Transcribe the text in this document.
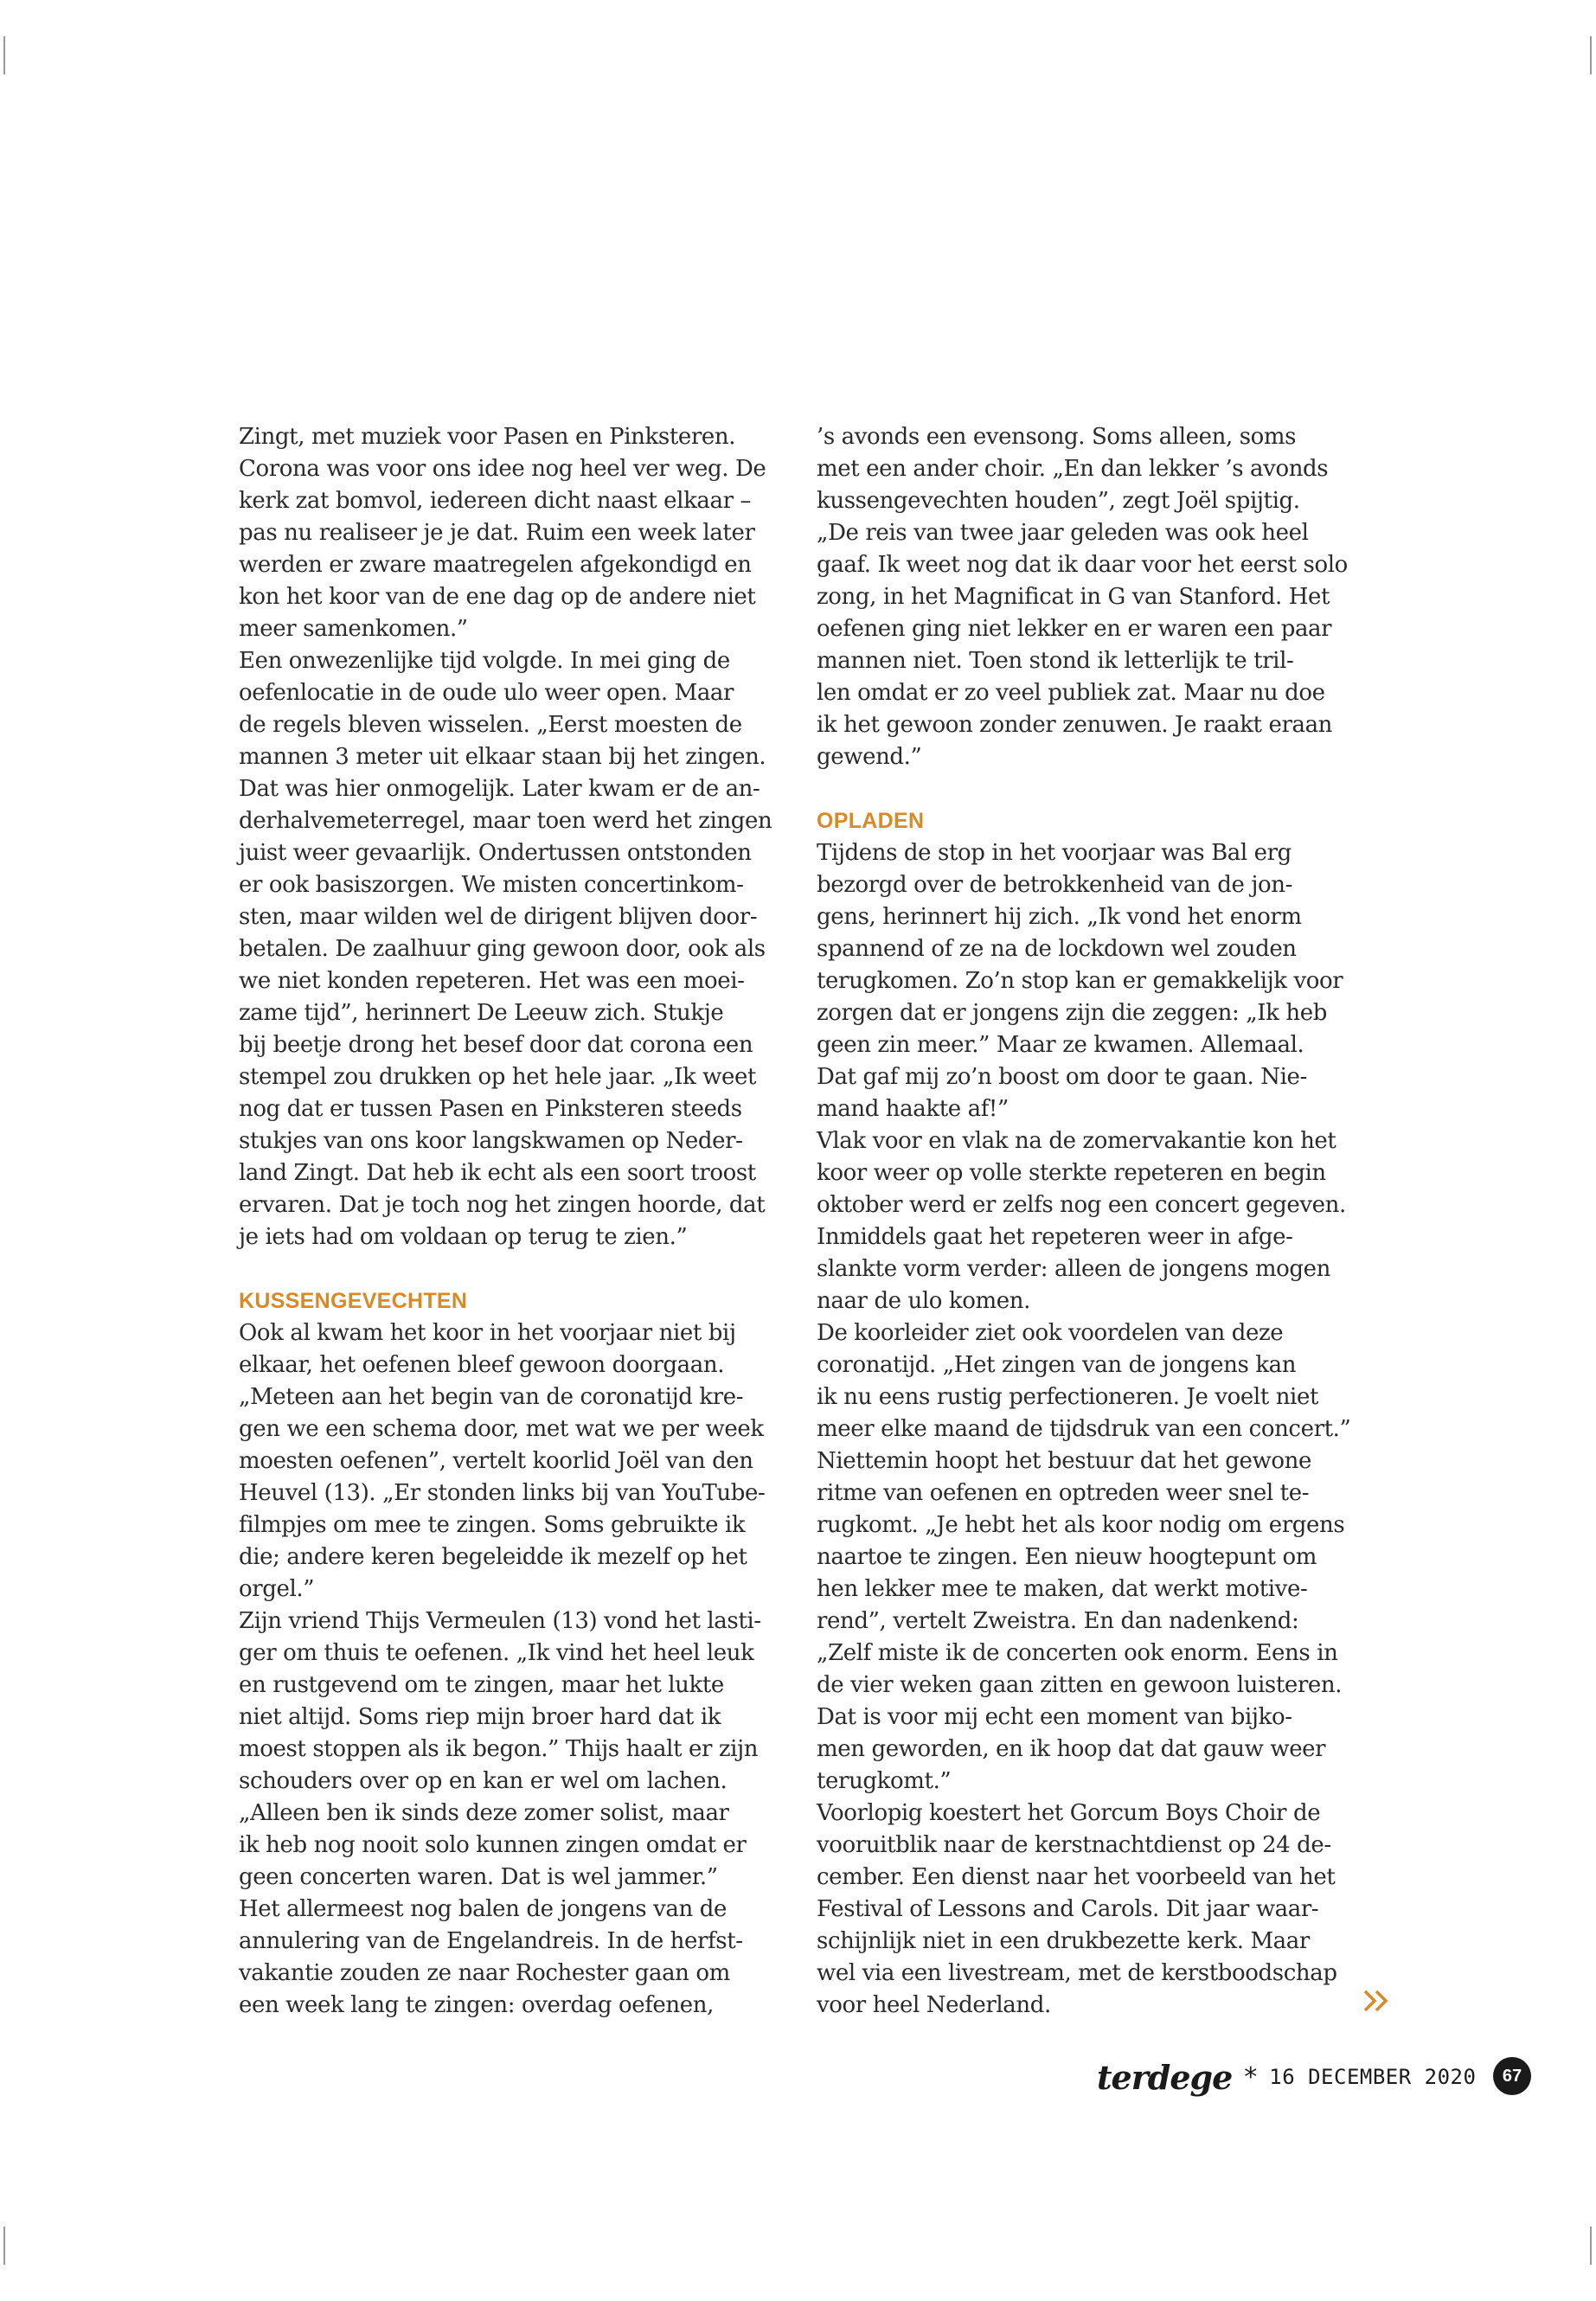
Zingt, met muziek voor Pasen en Pinksteren.
Corona was voor ons idee nog heel ver weg. De
kerk zat bomvol, iedereen dicht naast elkaar –
pas nu realiseer je je dat. Ruim een week later
werden er zware maatregelen afgekondigd en
kon het koor van de ene dag op de andere niet
meer samenkomen.”
Een onwezenlijke tijd volgde. In mei ging de
oefenlocatie in de oude ulo weer open. Maar
de regels bleven wisselen. „Eerst moesten de
mannen 3 meter uit elkaar staan bij het zingen.
Dat was hier onmogelijk. Later kwam er de an-
derhalvemeterregel, maar toen werd het zingen
juist weer gevaarlijk. Ondertussen ontstonden
er ook basiszorgen. We misten concertinkom-
sten, maar wilden wel de dirigent blijven door-
betalen. De zaalhuur ging gewoon door, ook als
we niet konden repeteren. Het was een moei-
zame tijd”, herinnert De Leeuw zich. Stukje
bij beetje drong het besef door dat corona een
stempel zou drukken op het hele jaar. „Ik weet
nog dat er tussen Pasen en Pinksteren steeds
stukjes van ons koor langskwamen op Neder-
land Zingt. Dat heb ik echt als een soort troost
ervaren. Dat je toch nog het zingen hoorde, dat
je iets had om voldaan op terug te zien.”
KUSSENGEVECHTEN
Ook al kwam het koor in het voorjaar niet bij
elkaar, het oefenen bleef gewoon doorgaan.
„Meteen aan het begin van de coronatijd kre-
gen we een schema door, met wat we per week
moesten oefenen”, vertelt koorlid Joël van den
Heuvel (13). „Er stonden links bij van YouTube-
filmpjes om mee te zingen. Soms gebruikte ik
die; andere keren begeleidde ik mezelf op het
orgel.”
Zijn vriend Thijs Vermeulen (13) vond het lasti-
ger om thuis te oefenen. „Ik vind het heel leuk
en rustgevend om te zingen, maar het lukte
niet altijd. Soms riep mijn broer hard dat ik
moest stoppen als ik begon.” Thijs haalt er zijn
schouders over op en kan er wel om lachen.
„Alleen ben ik sinds deze zomer solist, maar
ik heb nog nooit solo kunnen zingen omdat er
geen concerten waren. Dat is wel jammer.”
Het allermeest nog balen de jongens van de
annulering van de Engelandreis. In de herfst-
vakantie zouden ze naar Rochester gaan om
een week lang te zingen: overdag oefenen,
’s avonds een evensong. Soms alleen, soms
met een ander choir. „En dan lekker ’s avonds
kussengevechten houden”, zegt Joël spijtig.
„De reis van twee jaar geleden was ook heel
gaaf. Ik weet nog dat ik daar voor het eerst solo
zong, in het Magnificat in G van Stanford. Het
oefenen ging niet lekker en er waren een paar
mannen niet. Toen stond ik letterlijk te tril-
len omdat er zo veel publiek zat. Maar nu doe
ik het gewoon zonder zenuwen. Je raakt eraan
gewend.”
OPLADEN
Tijdens de stop in het voorjaar was Bal erg
bezorgd over de betrokkenheid van de jon-
gens, herinnert hij zich. „Ik vond het enorm
spannend of ze na de lockdown wel zouden
terugkomen. Zo’n stop kan er gemakkelijk voor
zorgen dat er jongens zijn die zeggen: „Ik heb
geen zin meer.” Maar ze kwamen. Allemaal.
Dat gaf mij zo’n boost om door te gaan. Nie-
mand haakte af!”
Vlak voor en vlak na de zomervakantie kon het
koor weer op volle sterkte repeteren en begin
oktober werd er zelfs nog een concert gegeven.
Inmiddels gaat het repeteren weer in afge-
slankte vorm verder: alleen de jongens mogen
naar de ulo komen.
De koorleider ziet ook voordelen van deze
coronatijd. „Het zingen van de jongens kan
ik nu eens rustig perfectioneren. Je voelt niet
meer elke maand de tijdsdruk van een concert.”
Niettemin hoopt het bestuur dat het gewone
ritme van oefenen en optreden weer snel te-
rugkomt. „Je hebt het als koor nodig om ergens
naartoe te zingen. Een nieuw hoogtepunt om
hen lekker mee te maken, dat werkt motive-
rend”, vertelt Zweistra. En dan nadenkend:
„Zelf miste ik de concerten ook enorm. Eens in
de vier weken gaan zitten en gewoon luisteren.
Dat is voor mij echt een moment van bijko-
men geworden, en ik hoop dat dat gauw weer
terugkomt.”
Voorlopig koestert het Gorcum Boys Choir de
vooruitblik naar de kerstnachtdienst op 24 de-
cember. Een dienst naar het voorbeeld van het
Festival of Lessons and Carols. Dit jaar waar-
schijnlijk niet in een drukbezette kerk. Maar
wel via een livestream, met de kerstboodschap
voor heel Nederland.
terdege * 16 DECEMBER 2020	67
